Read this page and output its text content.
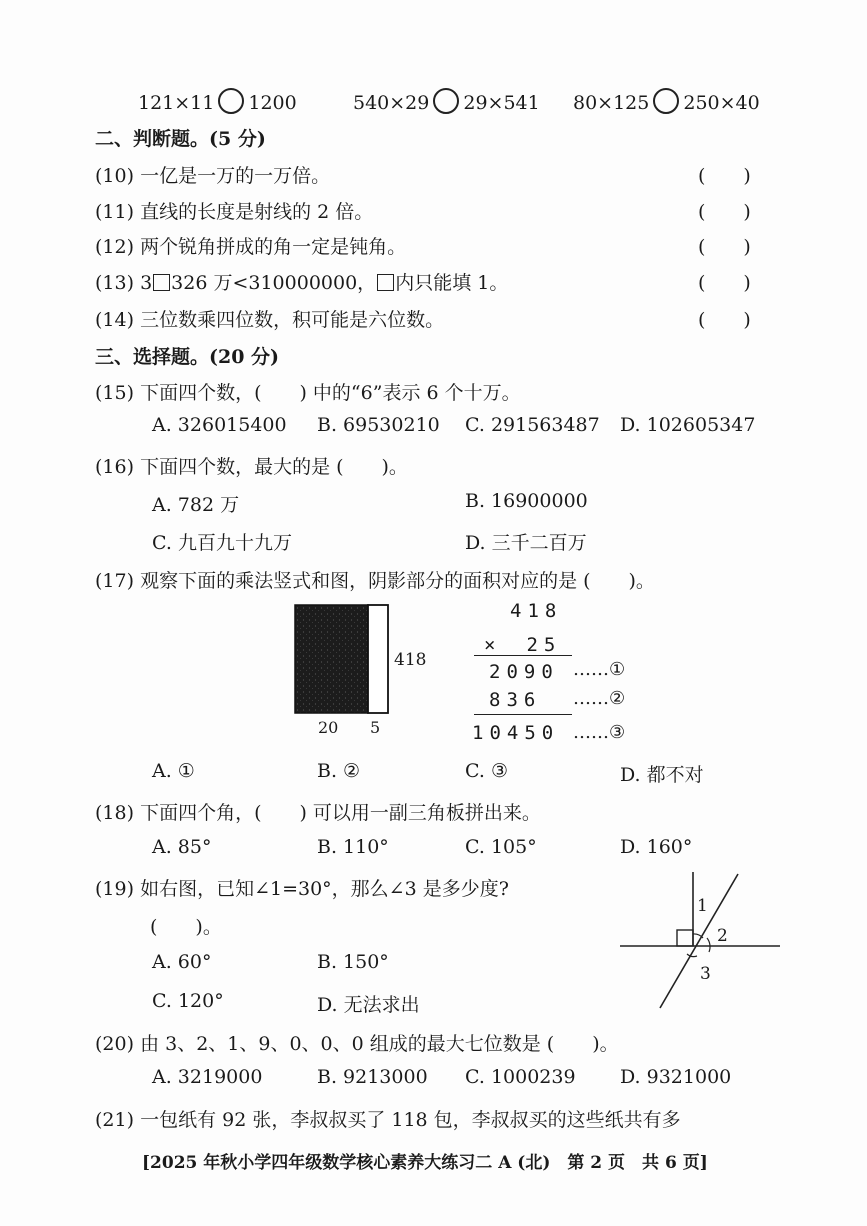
121×11 1200	540×29 29×541 80×125 250×40
二、判断题。(5 分)
(10) 一亿是一万的一万倍。	(　　)
(11) 直线的长度是射线的 2 倍。	(　　)
(12) 两个锐角拼成的角一定是钝角。	(　　)
(13) 3 326 万<310000000， 内只能填 1。	(　　)
(14) 三位数乘四位数，积可能是六位数。	(　　)
三、选择题。(20 分)
(15) 下面四个数，(　　) 中的“6”表示 6 个十万。
A. 326015400 B. 69530210 C. 291563487 D. 102605347
(16) 下面四个数，最大的是 (　　)。
A. 782 万	B. 16900000
C. 九百九十九万	D. 三千二百万
(17) 观察下面的乘法竖式和图，阴影部分的面积对应的是 (　　)。
418
20 5
418
×　25
2090 ……①
836 ……②
10450 ……③
A. ①	B. ②	C. ③	D. 都不对
(18) 下面四个角，(　　) 可以用一副三角板拼出来。
A. 85°	B. 110°	C. 105°	D. 160°
(19) 如右图，已知∠1=30°，那么∠3 是多少度?
(　　)。
1
2
3
A. 60°	B. 150°
C. 120°	D. 无法求出
(20) 由 3、2、1、9、0、0、0 组成的最大七位数是 (　　)。
A. 3219000	B. 9213000 C. 1000239 D. 9321000
(21) 一包纸有 92 张，李叔叔买了 118 包，李叔叔买的这些纸共有多
[2025 年秋小学四年级数学核心素养大练习二 A (北)　第 2 页　共 6 页]
